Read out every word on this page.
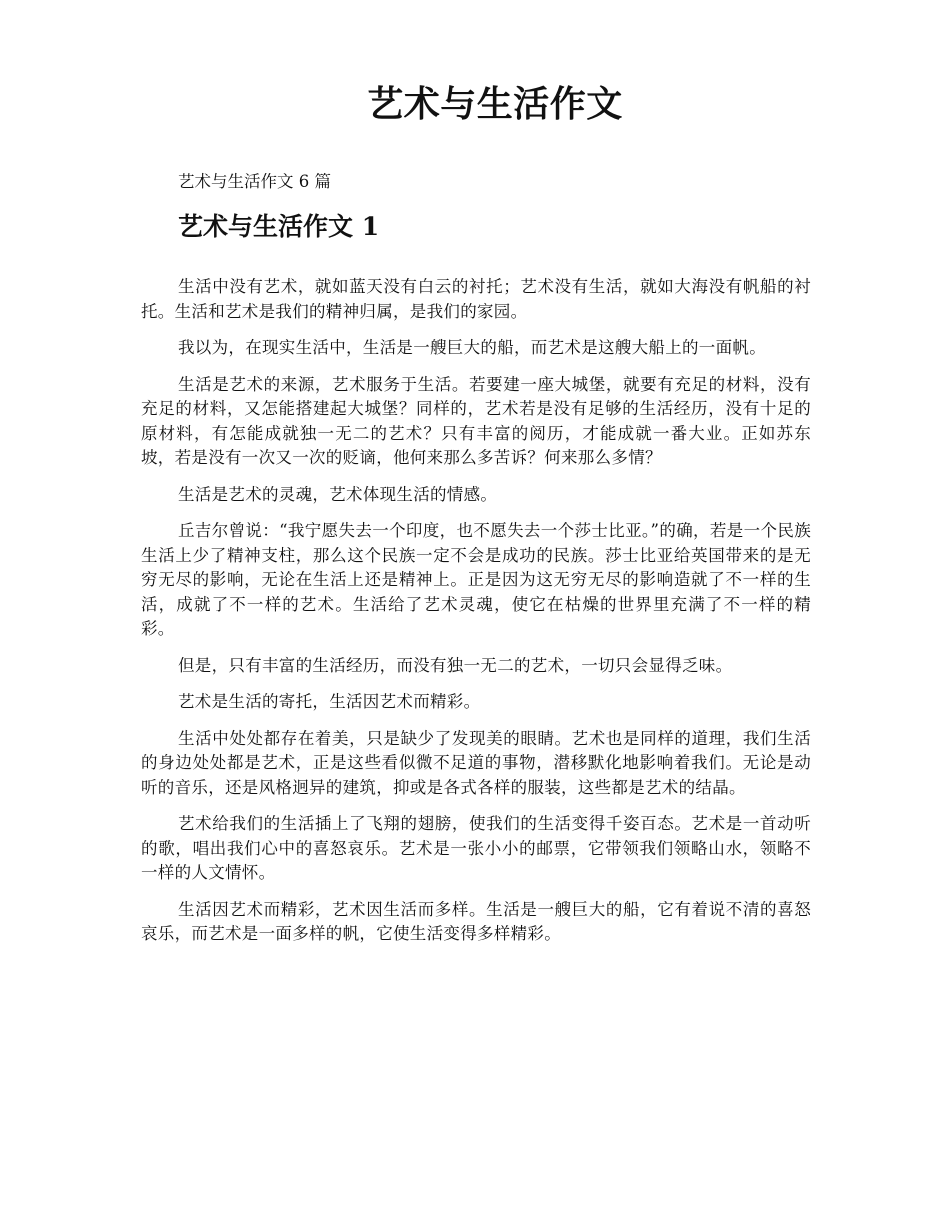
艺术与生活作文

艺术与生活作文 6 篇

艺术与生活作文 1

生活中没有艺术，就如蓝天没有白云的衬托；艺术没有生活，就如大海没有帆船的衬托。生活和艺术是我们的精神归属，是我们的家园。

我以为，在现实生活中，生活是一艘巨大的船，而艺术是这艘大船上的一面帆。

生活是艺术的来源，艺术服务于生活。若要建一座大城堡，就要有充足的材料，没有充足的材料，又怎能搭建起大城堡？同样的，艺术若是没有足够的生活经历，没有十足的原材料，有怎能成就独一无二的艺术？只有丰富的阅历，才能成就一番大业。正如苏东坡，若是没有一次又一次的贬谪，他何来那么多苦诉？何来那么多情？

生活是艺术的灵魂，艺术体现生活的情感。

丘吉尔曾说：“我宁愿失去一个印度，也不愿失去一个莎士比亚。”的确，若是一个民族生活上少了精神支柱，那么这个民族一定不会是成功的民族。莎士比亚给英国带来的是无穷无尽的影响，无论在生活上还是精神上。正是因为这无穷无尽的影响造就了不一样的生活，成就了不一样的艺术。生活给了艺术灵魂，使它在枯燥的世界里充满了不一样的精彩。

但是，只有丰富的生活经历，而没有独一无二的艺术，一切只会显得乏味。

艺术是生活的寄托，生活因艺术而精彩。

生活中处处都存在着美，只是缺少了发现美的眼睛。艺术也是同样的道理，我们生活的身边处处都是艺术，正是这些看似微不足道的事物，潜移默化地影响着我们。无论是动听的音乐，还是风格迥异的建筑，抑或是各式各样的服装，这些都是艺术的结晶。

艺术给我们的生活插上了飞翔的翅膀，使我们的生活变得千姿百态。艺术是一首动听的歌，唱出我们心中的喜怒哀乐。艺术是一张小小的邮票，它带领我们领略山水，领略不一样的人文情怀。

生活因艺术而精彩，艺术因生活而多样。生活是一艘巨大的船，它有着说不清的喜怒哀乐，而艺术是一面多样的帆，它使生活变得多样精彩。
